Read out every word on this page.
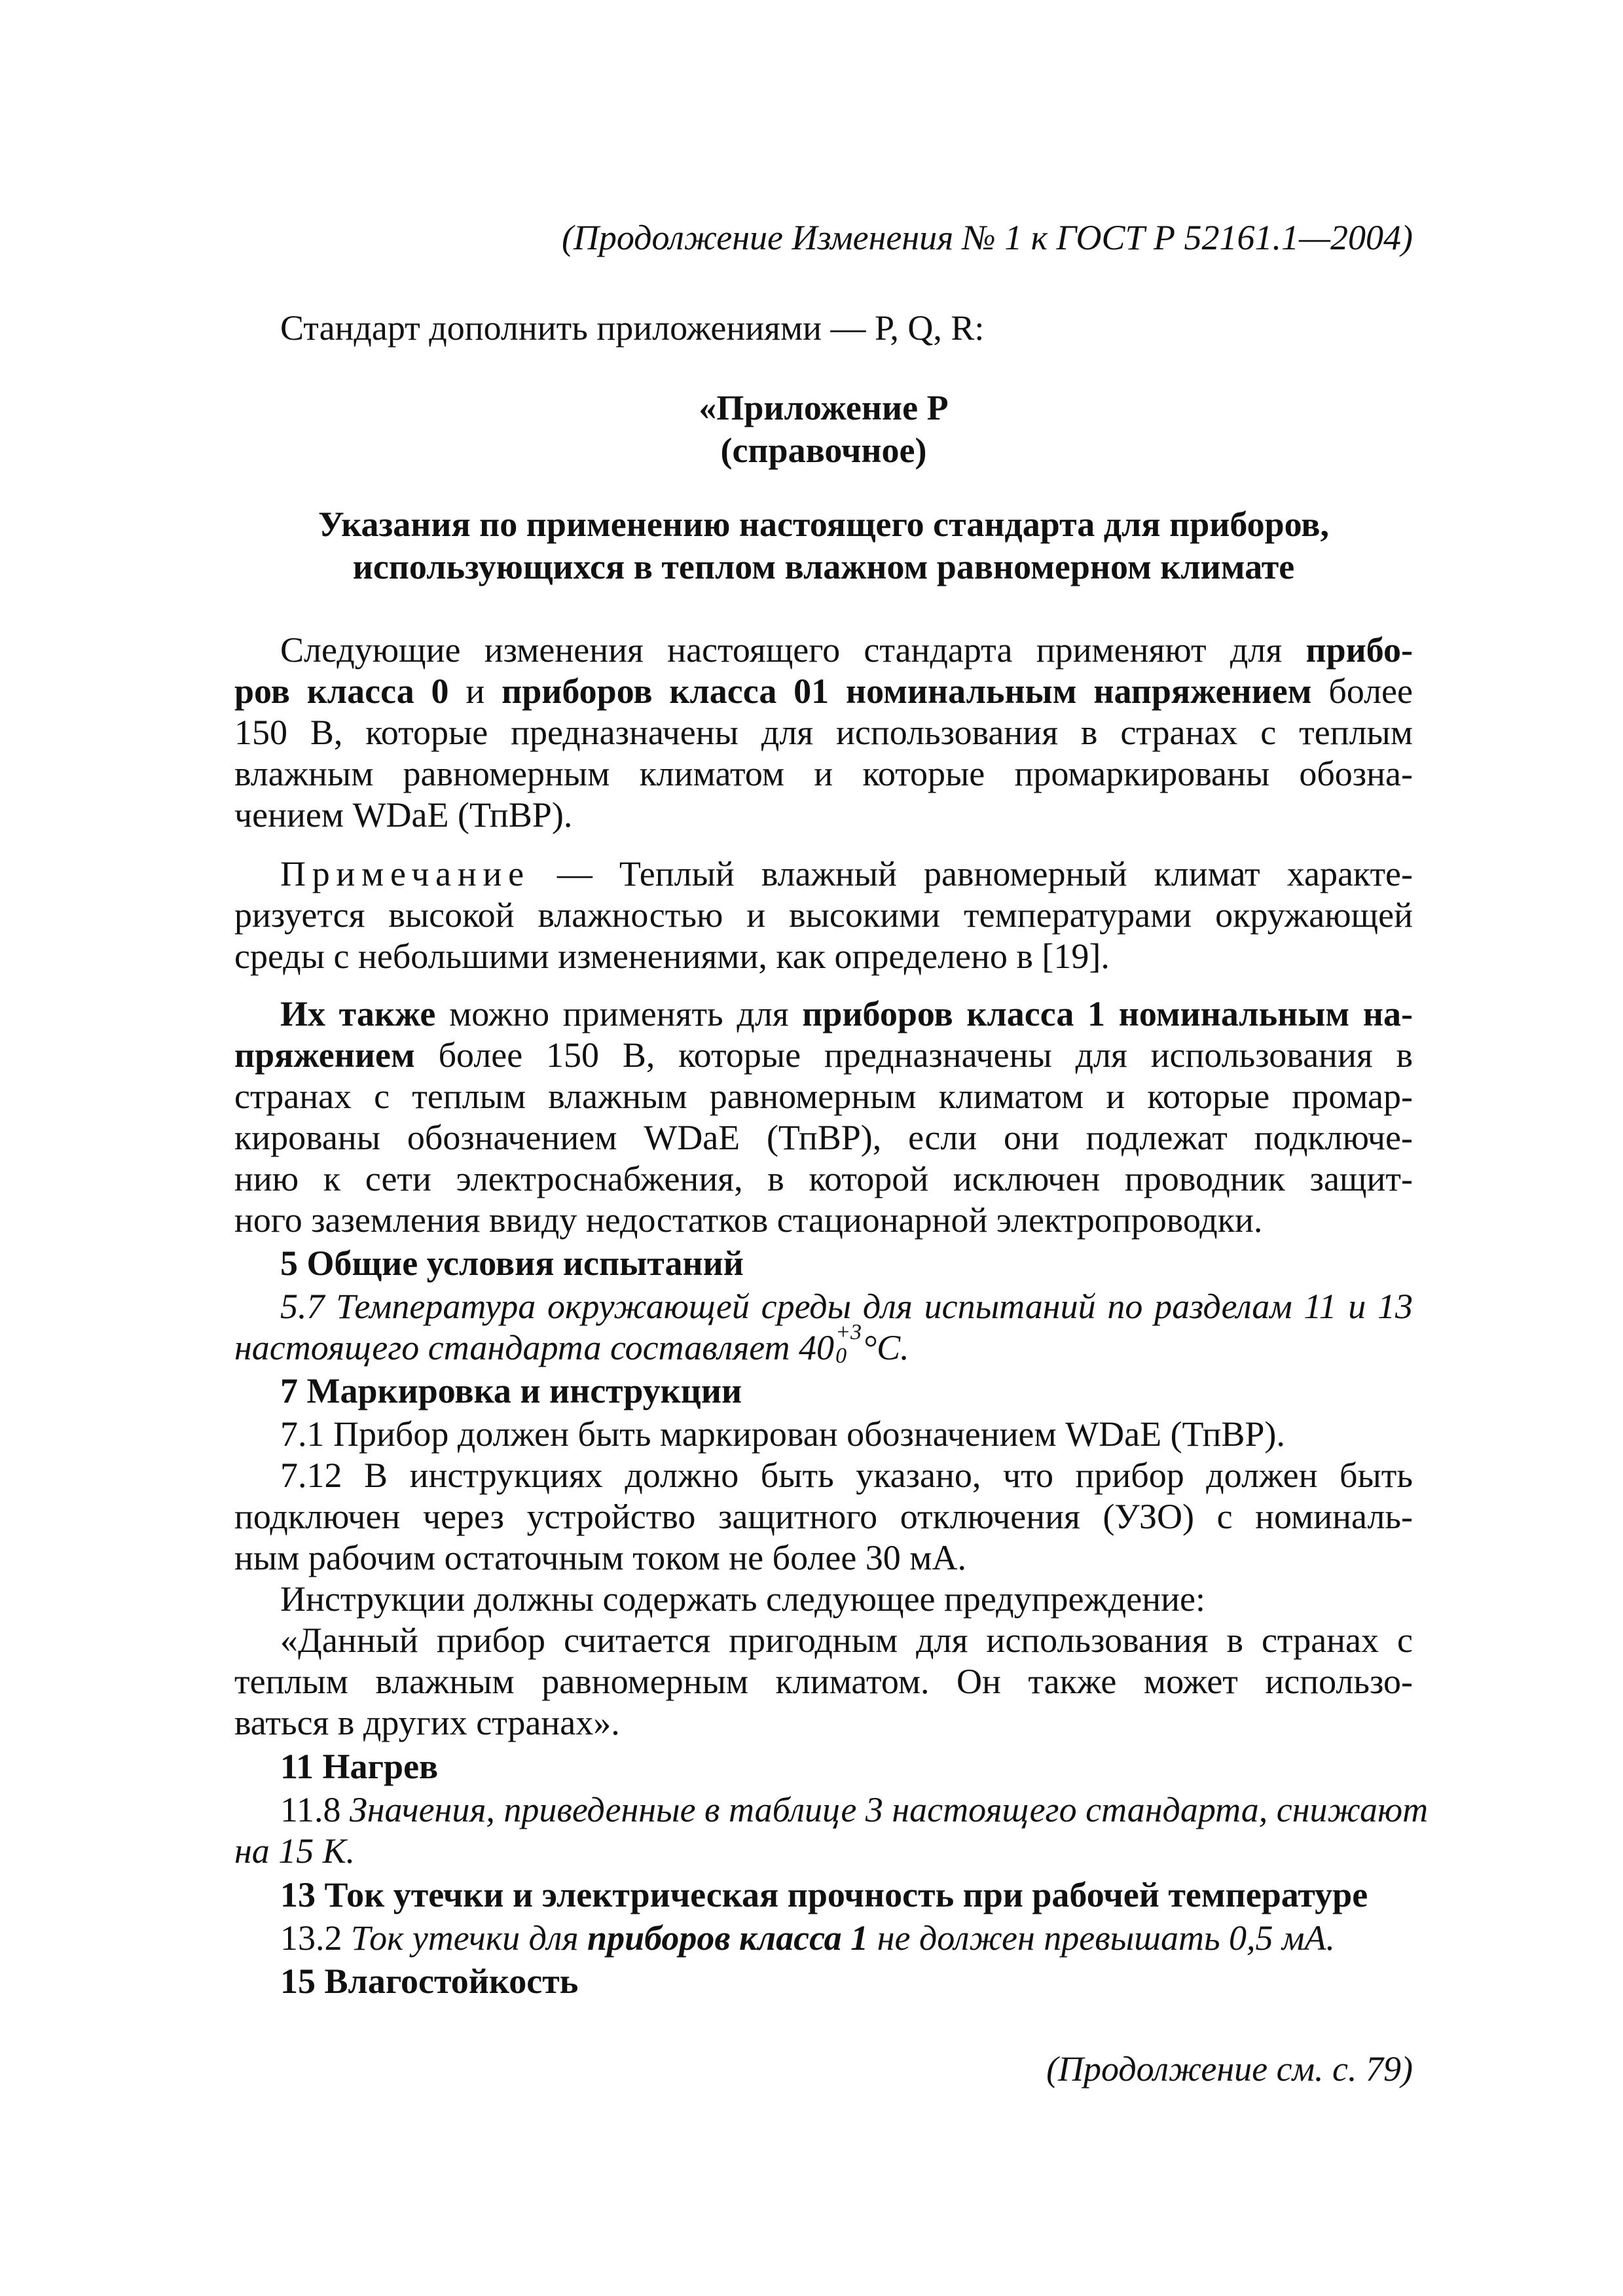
(Продолжение Изменения № 1 к ГОСТ Р 52161.1—2004)
Стандарт дополнить приложениями — Р, Q, R:
«Приложение Р
(справочное)
Указания по применению настоящего стандарта для приборов,
использующихся в теплом влажном равномерном климате
Следующие изменения настоящего стандарта применяют для прибо-
ров класса 0 и приборов класса 01 номинальным напряжением более
150 В, которые предназначены для использования в странах с теплым
влажным равномерным климатом и которые промаркированы обозна-
чением WDaE (ТпВР).
Примечание — Теплый влажный равномерный климат характе-
ризуется высокой влажностью и высокими температурами окружающей
среды с небольшими изменениями, как определено в [19].
Их также можно применять для приборов класса 1 номинальным на-
пряжением более 150 В, которые предназначены для использования в
странах с теплым влажным равномерным климатом и которые промар-
кированы обозначением WDaE (ТпВР), если они подлежат подключе-
нию к сети электроснабжения, в которой исключен проводник защит-
ного заземления ввиду недостатков стационарной электропроводки.
5 Общие условия испытаний
5.7 Температура окружающей среды для испытаний по разделам 11 и 13
настоящего стандарта составляет 40 +3
0 °С.
7 Маркировка и инструкции
7.1 Прибор должен быть маркирован обозначением WDaE (ТпВР).
7.12 В инструкциях должно быть указано, что прибор должен быть
подключен через устройство защитного отключения (УЗО) с номиналь-
ным рабочим остаточным током не более 30 мА.
Инструкции должны содержать следующее предупреждение:
«Данный прибор считается пригодным для использования в странах с
теплым влажным равномерным климатом. Он также может использо-
ваться в других странах».
11 Нагрев
11.8 Значения, приведенные в таблице 3 настоящего стандарта, снижают
на 15 К.
13 Ток утечки и электрическая прочность при рабочей температуре
13.2 Ток утечки для приборов класса 1 не должен превышать 0,5 мА.
15 Влагостойкость
(Продолжение см. с. 79)
